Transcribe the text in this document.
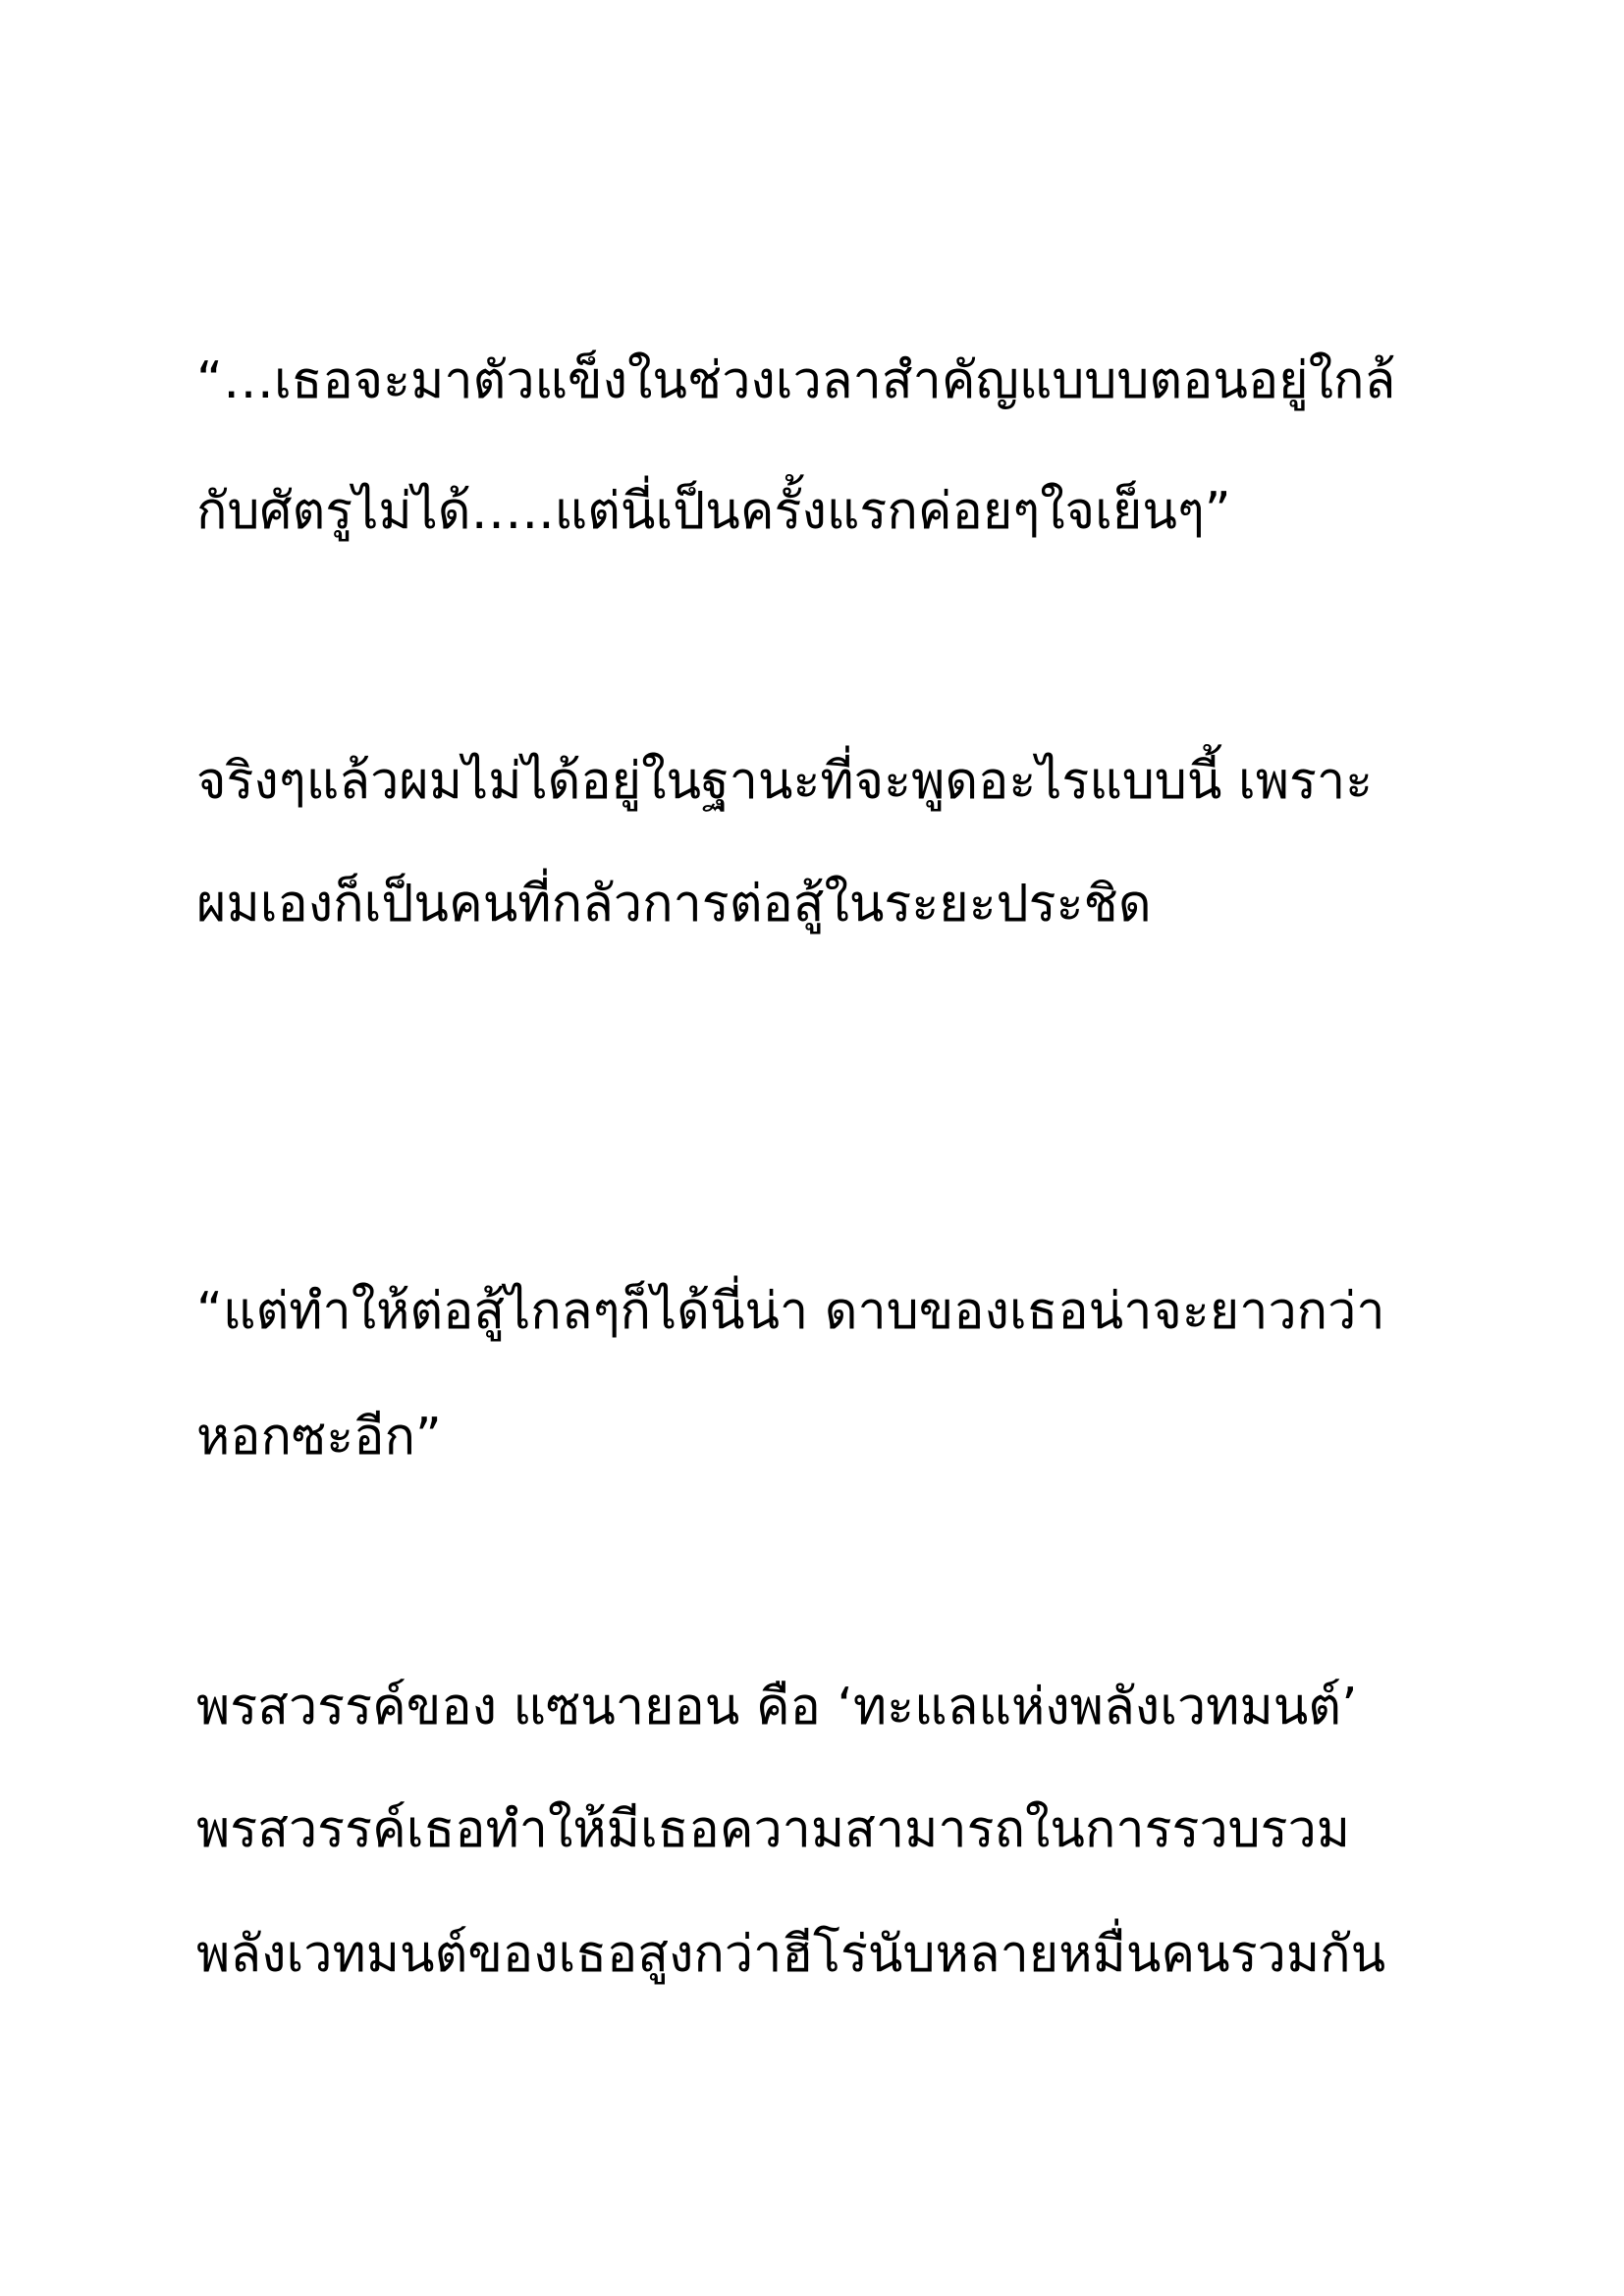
“…เธอจะมาตัวแข็งในช่วงเวลาสำคัญแบบบตอนอยู่ใกล้

กับศัตรูไม่ได้…..แต่นี่เป็นครั้งแรกค่อยๆใจเย็นๆ”

จริงๆแล้วผมไม่ได้อยู่ในฐานะที่จะพูดอะไรแบบนี้ เพราะ

ผมเองก็เป็นคนที่กลัวการต่อสู้ในระยะประชิด

“แต่ทำให้ต่อสู้ไกลๆก็ได้นี่น่า ดาบของเธอน่าจะยาวกว่า

หอกซะอีก”

พรสวรรค์ของ แซนายอน คือ ‘ทะแลแห่งพลังเวทมนต์’

พรสวรรค์เธอทำให้มีเธอความสามารถในการรวบรวม

พลังเวทมนต์ของเธอสูงกว่าฮีโร่นับหลายหมื่นคนรวมกัน
